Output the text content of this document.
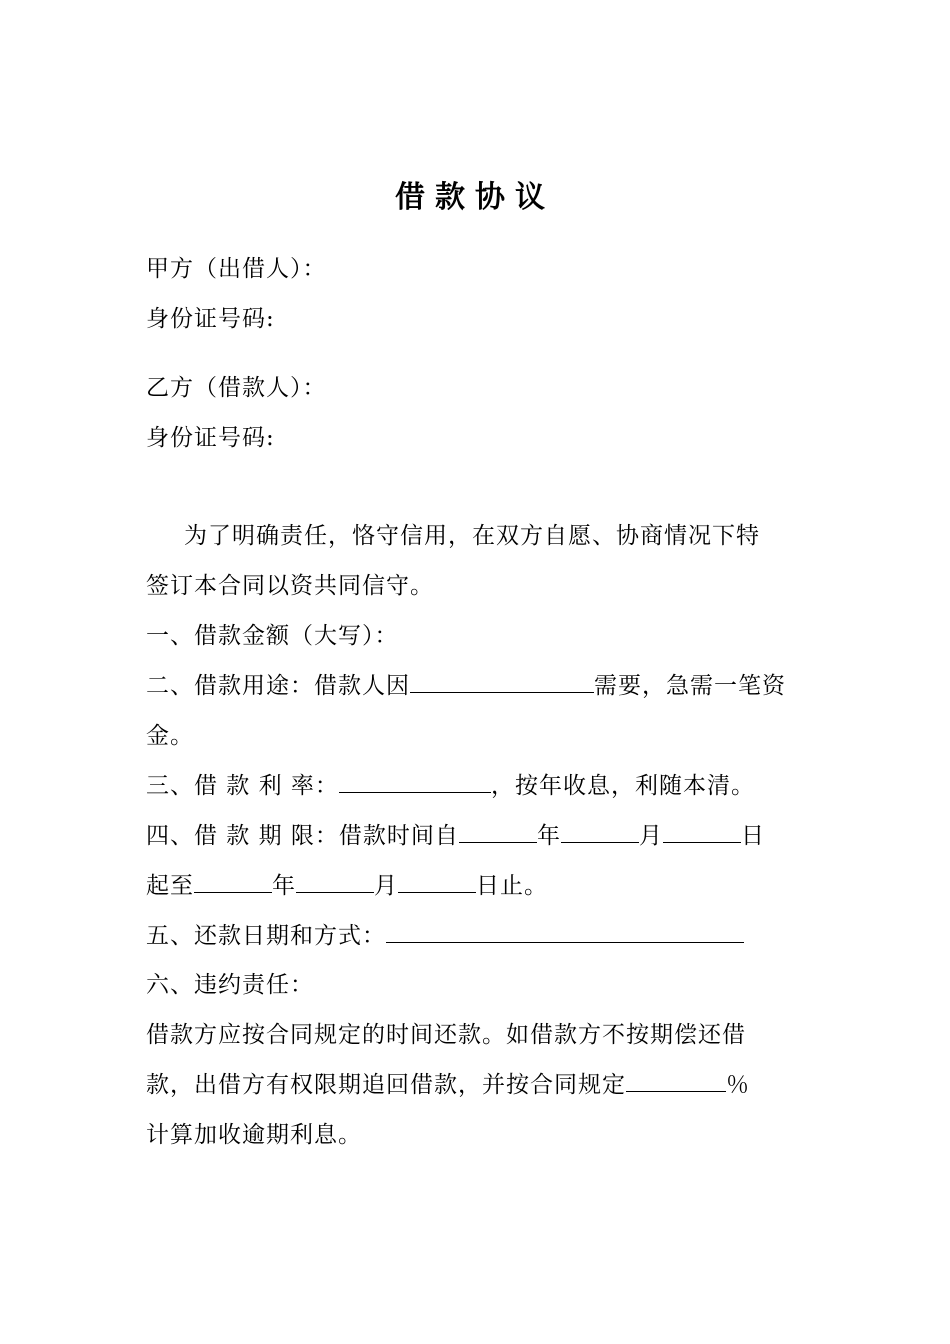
借款协议
甲方（出借人）：
身份证号码:
乙方（借款人）：
身份证号码:
为了明确责任，恪守信用，在双方自愿、协商情况下特
签订本合同以资共同信守。
一、借款金额（大写）：
二、借款用途：借款人因	需要，急需一笔资
金。
三、借 款 利 率：	，按年收息，利随本清。
四、借 款 期 限：借款时间自	年	月	日
起至	年	月	日止。
五、还款日期和方式：
六、违约责任：
借款方应按合同规定的时间还款。如借款方不按期偿还借
款，出借方有权限期追回借款，并按合同规定	％
计算加收逾期利息。
